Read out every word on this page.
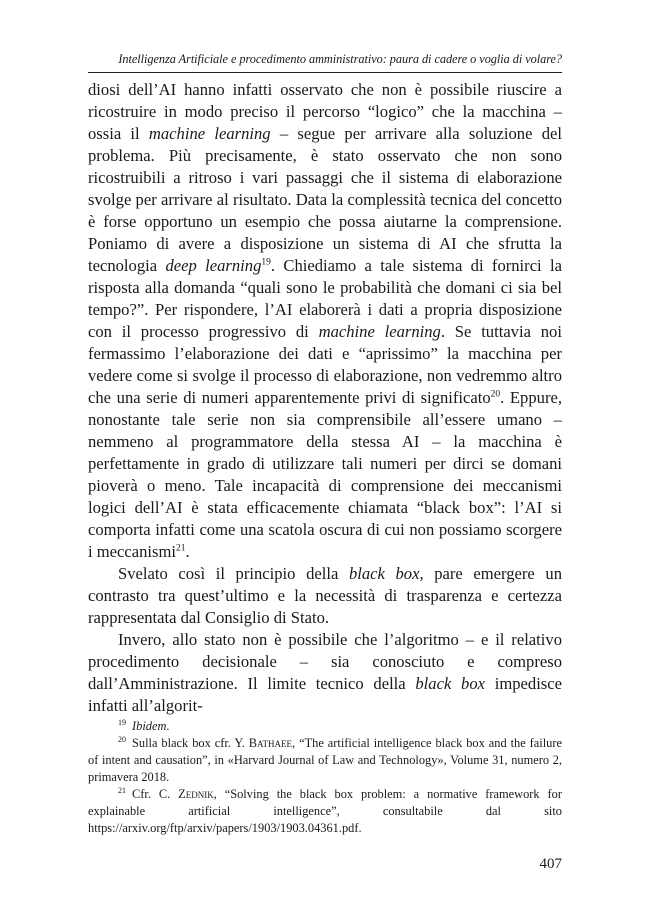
Intelligenza Artificiale e procedimento amministrativo: paura di cadere o voglia di volare?

diosi dell’AI hanno infatti osservato che non è possibile riuscire a ricostruire in modo preciso il percorso “logico” che la macchina – ossia il machine learning – segue per arrivare alla soluzione del problema. Più precisamente, è stato osservato che non sono ricostruibili a ritroso i vari passaggi che il sistema di elaborazione svolge per arrivare al risultato. Data la complessità tecnica del concetto è forse opportuno un esempio che possa aiutarne la comprensione. Poniamo di avere a disposizione un sistema di AI che sfrutta la tecnologia deep learning$^{19}$. Chiediamo a tale sistema di fornirci la risposta alla domanda “quali sono le probabilità che domani ci sia bel tempo?”. Per rispondere, l’AI elaborerà i dati a propria disposizione con il processo progressivo di machine learning. Se tuttavia noi fermassimo l’elaborazione dei dati e “aprissimo” la macchina per vedere come si svolge il processo di elaborazione, non vedremmo altro che una serie di numeri apparentemente privi di significato$^{20}$. Eppure, nonostante tale serie non sia comprensibile all’essere umano – nemmeno al programmatore della stessa AI – la macchina è perfettamente in grado di utilizzare tali numeri per dirci se domani pioverà o meno. Tale incapacità di comprensione dei meccanismi logici dell’AI è stata efficacemente chiamata “black box”: l’AI si comporta infatti come una scatola oscura di cui non possiamo scorgere i meccanismi$^{21}$.

Svelato così il principio della black box, pare emergere un contrasto tra quest’ultimo e la necessità di trasparenza e certezza rappresentata dal Consiglio di Stato.

Invero, allo stato non è possibile che l’algoritmo – e il relativo procedimento decisionale – sia conosciuto e compreso dall’Amministrazione. Il limite tecnico della black box impedisce infatti all’algorit-

$^{19}$ Ibidem.

$^{20}$ Sulla black box cfr. Y. Bathaee, “The artificial intelligence black box and the failure of intent and causation”, in «Harvard Journal of Law and Technology», Volume 31, numero 2, primavera 2018.

$^{21}$ Cfr. C. Zednik, “Solving the black box problem: a normative framework for explainable artificial intelligence”, consultabile dal sito https://arxiv.org/ftp/arxiv/papers/1903/1903.04361.pdf.

407
